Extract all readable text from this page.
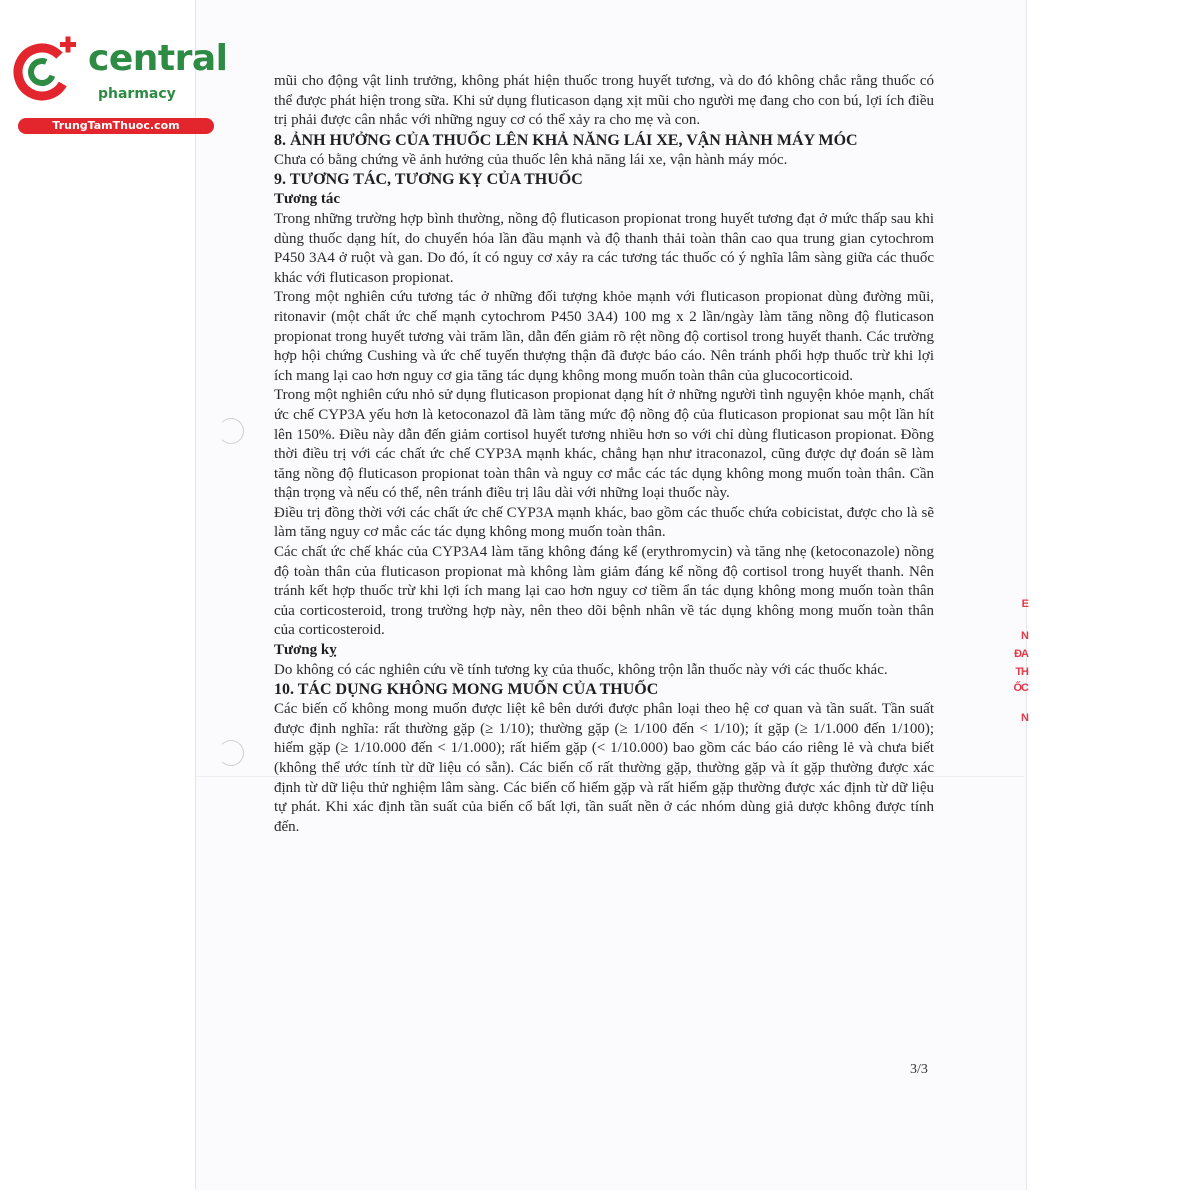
central
pharmacy
TrungTamThuoc.com

mũi cho động vật linh trưởng, không phát hiện thuốc trong huyết tương, và do đó không chắc rằng thuốc có thể được phát hiện trong sữa. Khi sử dụng fluticason dạng xịt mũi cho người mẹ đang cho con bú, lợi ích điều trị phải được cân nhắc với những nguy cơ có thể xảy ra cho mẹ và con.

8. ẢNH HƯỞNG CỦA THUỐC LÊN KHẢ NĂNG LÁI XE, VẬN HÀNH MÁY MÓC

Chưa có bằng chứng về ảnh hưởng của thuốc lên khả năng lái xe, vận hành máy móc.

9. TƯƠNG TÁC, TƯƠNG KỴ CỦA THUỐC
Tương tác

Trong những trường hợp bình thường, nồng độ fluticason propionat trong huyết tương đạt ở mức thấp sau khi dùng thuốc dạng hít, do chuyển hóa lần đầu mạnh và độ thanh thải toàn thân cao qua trung gian cytochrom P450 3A4 ở ruột và gan. Do đó, ít có nguy cơ xảy ra các tương tác thuốc có ý nghĩa lâm sàng giữa các thuốc khác với fluticason propionat.

Trong một nghiên cứu tương tác ở những đối tượng khỏe mạnh với fluticason propionat dùng đường mũi, ritonavir (một chất ức chế mạnh cytochrom P450 3A4) 100 mg x 2 lần/ngày làm tăng nồng độ fluticason propionat trong huyết tương vài trăm lần, dẫn đến giảm rõ rệt nồng độ cortisol trong huyết thanh. Các trường hợp hội chứng Cushing và ức chế tuyến thượng thận đã được báo cáo. Nên tránh phối hợp thuốc trừ khi lợi ích mang lại cao hơn nguy cơ gia tăng tác dụng không mong muốn toàn thân của glucocorticoid.

Trong một nghiên cứu nhỏ sử dụng fluticason propionat dạng hít ở những người tình nguyện khỏe mạnh, chất ức chế CYP3A yếu hơn là ketoconazol đã làm tăng mức độ nồng độ của fluticason propionat sau một lần hít lên 150%. Điều này dẫn đến giảm cortisol huyết tương nhiều hơn so với chỉ dùng fluticason propionat. Đồng thời điều trị với các chất ức chế CYP3A mạnh khác, chẳng hạn như itraconazol, cũng được dự đoán sẽ làm tăng nồng độ fluticason propionat toàn thân và nguy cơ mắc các tác dụng không mong muốn toàn thân. Cần thận trọng và nếu có thể, nên tránh điều trị lâu dài với những loại thuốc này.

Điều trị đồng thời với các chất ức chế CYP3A mạnh khác, bao gồm các thuốc chứa cobicistat, được cho là sẽ làm tăng nguy cơ mắc các tác dụng không mong muốn toàn thân.

Các chất ức chế khác của CYP3A4 làm tăng không đáng kể (erythromycin) và tăng nhẹ (ketoconazole) nồng độ toàn thân của fluticason propionat mà không làm giảm đáng kể nồng độ cortisol trong huyết thanh. Nên tránh kết hợp thuốc trừ khi lợi ích mang lại cao hơn nguy cơ tiềm ẩn tác dụng không mong muốn toàn thân của corticosteroid, trong trường hợp này, nên theo dõi bệnh nhân về tác dụng không mong muốn toàn thân của corticosteroid.

Tương kỵ

Do không có các nghiên cứu về tính tương kỵ của thuốc, không trộn lẫn thuốc này với các thuốc khác.

10. TÁC DỤNG KHÔNG MONG MUỐN CỦA THUỐC

Các biến cố không mong muốn được liệt kê bên dưới được phân loại theo hệ cơ quan và tần suất. Tần suất được định nghĩa: rất thường gặp (≥ 1/10); thường gặp (≥ 1/100 đến < 1/10); ít gặp (≥ 1/1.000 đến 1/100); hiếm gặp (≥ 1/10.000 đến < 1/1.000); rất hiếm gặp (< 1/10.000) bao gồm các báo cáo riêng lẻ và chưa biết (không thể ước tính từ dữ liệu có sẵn). Các biến cố rất thường gặp, thường gặp và ít gặp thường được xác định từ dữ liệu thử nghiệm lâm sàng. Các biến cố hiếm gặp và rất hiếm gặp thường được xác định từ dữ liệu tự phát. Khi xác định tần suất của biến cố bất lợi, tần suất nền ở các nhóm dùng giả dược không được tính đến.

3/3
E
N
ĐA
TH
ỐC
N
